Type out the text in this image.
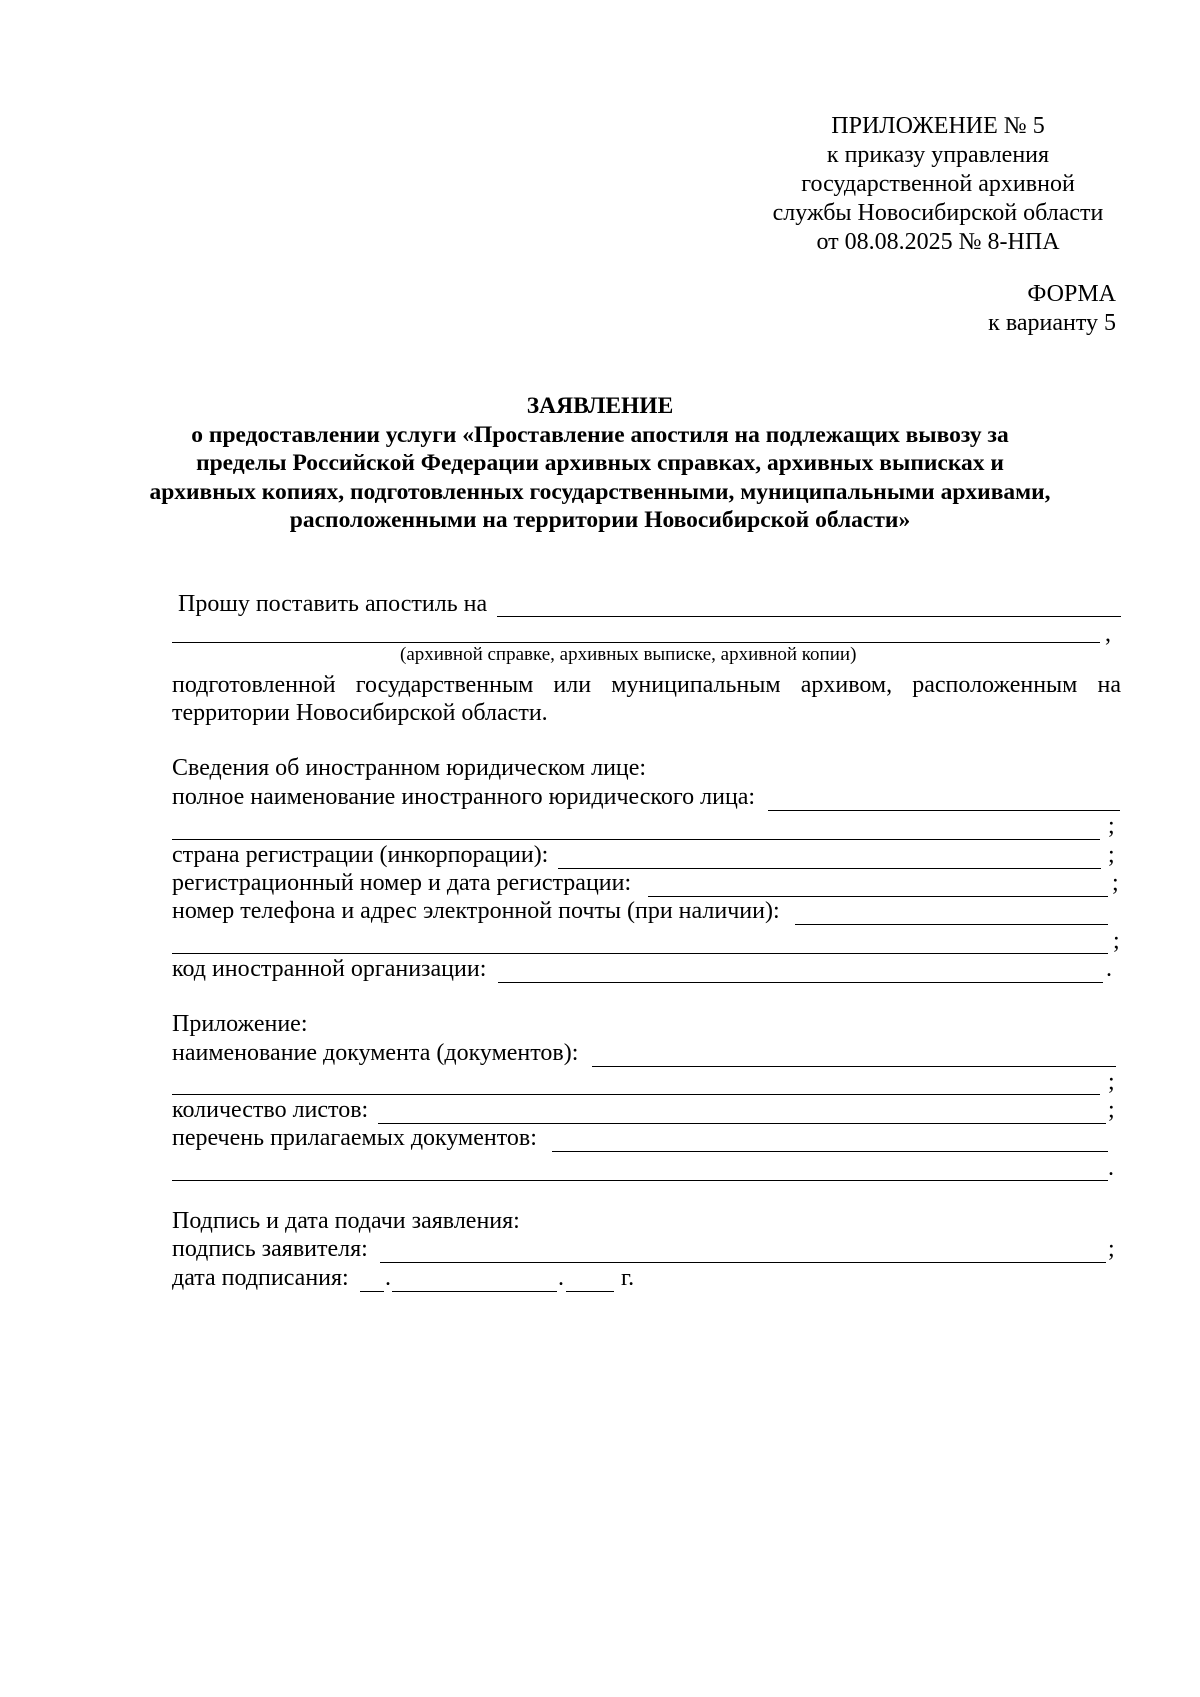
ПРИЛОЖЕНИЕ № 5
к приказу управления
государственной архивной
службы Новосибирской области
от 08.08.2025 № 8-НПА
ФОРМА
к варианту 5
ЗАЯВЛЕНИЕ
о предоставлении услуги «Проставление апостиля на подлежащих вывозу за
пределы Российской Федерации архивных справках, архивных выписках и
архивных копиях, подготовленных государственными, муниципальными архивами,
расположенными на территории Новосибирской области»
Прошу поставить апостиль на
,
(архивной справке, архивных выписке, архивной копии)
подготовленной государственным или муниципальным архивом, расположенным на
территории Новосибирской области.
Сведения об иностранном юридическом лице:
полное наименование иностранного юридического лица:
;
страна регистрации (инкорпорации):	;
регистрационный номер и дата регистрации:	;
номер телефона и адрес электронной почты (при наличии):
;
код иностранной организации:	.
Приложение:
наименование документа (документов):
;
количество листов:	;
перечень прилагаемых документов:
.
Подпись и дата подачи заявления:
подпись заявителя:	;
дата подписания: .	. г.
